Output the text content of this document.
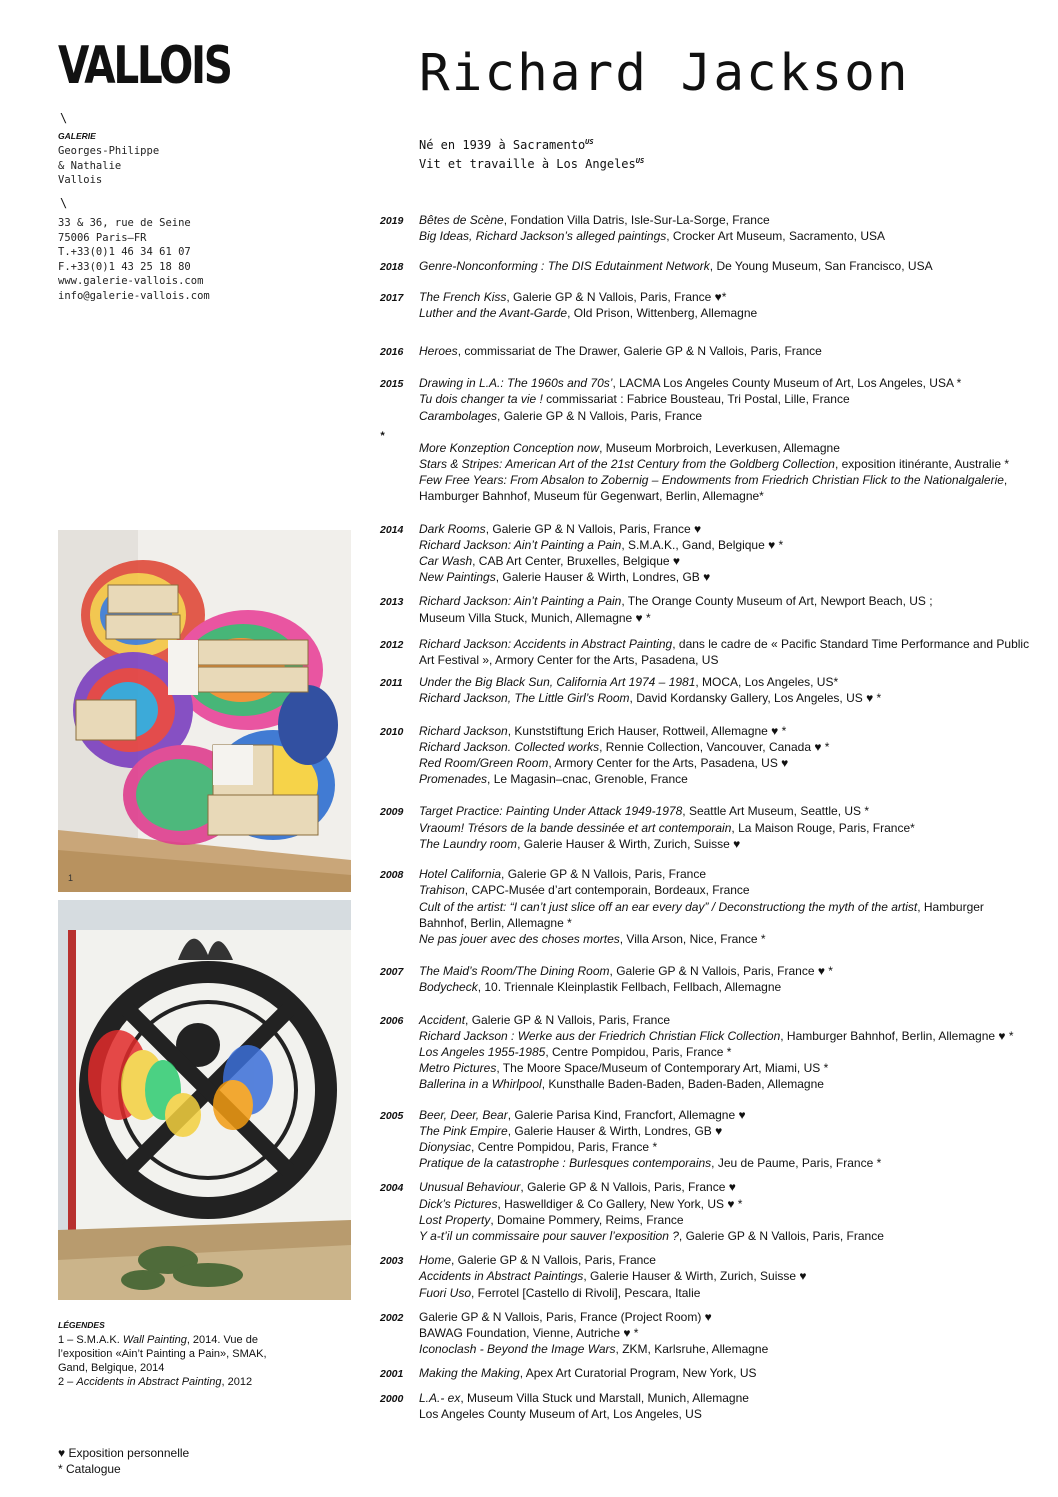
VALLOIS
\
GALERIE
Georges-Philippe
& Nathalie
Vallois
\
33 & 36, rue de Seine
75006 Paris—FR
T.+33(0)1 46 34 61 07
F.+33(0)1 43 25 18 80
www.galerie-vallois.com
info@galerie-vallois.com
1
LÉGENDES
1 – S.M.A.K. Wall Painting, 2014. Vue de l’exposition «Ain’t Painting a Pain», SMAK, Gand, Belgique, 2014
2 – Accidents in Abstract Painting, 2012
♥ Exposition personnelle
* Catalogue
Richard Jackson
Né en 1939 à Sacramento$^{US}$
Vit et travaille à Los Angeles$^{US}$
2019	Bêtes de Scène, Fondation Villa Datris, Isle-Sur-La-Sorge, France
Big Ideas, Richard Jackson’s alleged paintings, Crocker Art Museum, Sacramento, USA
2018	Genre-Nonconforming : The DIS Edutainment Network, De Young Museum, San Francisco, USA
2017	The French Kiss, Galerie GP & N Vallois, Paris, France ♥*
Luther and the Avant-Garde, Old Prison, Wittenberg, Allemagne
2016	Heroes, commissariat de The Drawer, Galerie GP & N Vallois, Paris, France
2015	Drawing in L.A.: The 1960s and 70s’, LACMA Los Angeles County Museum of Art, Los Angeles, USA *
Tu dois changer ta vie ! commissariat : Fabrice Bousteau, Tri Postal, Lille, France
Carambolages, Galerie GP & N Vallois, Paris, France
More Konzeption Conception now, Museum Morbroich, Leverkusen, Allemagne
*
Stars & Stripes: American Art of the 21st Century from the Goldberg Collection, exposition itinérante, Australie *
Few Free Years: From Absalon to Zobernig – Endowments from Friedrich Christian Flick to the Nationalgalerie, Hamburger Bahnhof, Museum für Gegenwart, Berlin, Allemagne*
2014	Dark Rooms, Galerie GP & N Vallois, Paris, France ♥
Richard Jackson: Ain’t Painting a Pain, S.M.A.K., Gand, Belgique ♥ *
Car Wash, CAB Art Center, Bruxelles, Belgique ♥
New Paintings, Galerie Hauser & Wirth, Londres, GB ♥
2013	Richard Jackson: Ain’t Painting a Pain, The Orange County Museum of Art, Newport Beach, US ;
Museum Villa Stuck, Munich, Allemagne ♥ *
2012	Richard Jackson: Accidents in Abstract Painting, dans le cadre de « Pacific Standard Time Performance and Public Art Festival », Armory Center for the Arts, Pasadena, US
2011	Under the Big Black Sun, California Art 1974 – 1981, MOCA, Los Angeles, US*
Richard Jackson, The Little Girl’s Room, David Kordansky Gallery, Los Angeles, US ♥ *
2010	Richard Jackson, Kunststiftung Erich Hauser, Rottweil, Allemagne ♥ *
Richard Jackson. Collected works, Rennie Collection, Vancouver, Canada ♥ *
Red Room/Green Room, Armory Center for the Arts, Pasadena, US ♥
Promenades, Le Magasin–cnac, Grenoble, France
2009	Target Practice: Painting Under Attack 1949-1978, Seattle Art Museum, Seattle, US *
Vraoum! Trésors de la bande dessinée et art contemporain, La Maison Rouge, Paris, France*
The Laundry room, Galerie Hauser & Wirth, Zurich, Suisse ♥
2008	Hotel California, Galerie GP & N Vallois, Paris, France
Trahison, CAPC-Musée d’art contemporain, Bordeaux, France
Cult of the artist: “I can’t just slice off an ear every day” / Deconstructiong the myth of the artist, Hamburger Bahnhof, Berlin, Allemagne *
Ne pas jouer avec des choses mortes, Villa Arson, Nice, France *
2007	The Maid’s Room/The Dining Room, Galerie GP & N Vallois, Paris, France ♥ *
Bodycheck, 10. Triennale Kleinplastik Fellbach, Fellbach, Allemagne
2006	Accident, Galerie GP & N Vallois, Paris, France
Richard Jackson : Werke aus der Friedrich Christian Flick Collection, Hamburger Bahnhof, Berlin, Allemagne ♥ *
Los Angeles 1955-1985, Centre Pompidou, Paris, France *
Metro Pictures, The Moore Space/Museum of Contemporary Art, Miami, US *
Ballerina in a Whirlpool, Kunsthalle Baden-Baden, Baden-Baden, Allemagne
2005	Beer, Deer, Bear, Galerie Parisa Kind, Francfort, Allemagne ♥
The Pink Empire, Galerie Hauser & Wirth, Londres, GB ♥
Dionysiac, Centre Pompidou, Paris, France *
Pratique de la catastrophe : Burlesques contemporains, Jeu de Paume, Paris, France *
2004	Unusual Behaviour, Galerie GP & N Vallois, Paris, France ♥
Dick’s Pictures, Haswelldiger & Co Gallery, New York, US ♥ *
Lost Property, Domaine Pommery, Reims, France
Y a-t’il un commissaire pour sauver l’exposition ?, Galerie GP & N Vallois, Paris, France
2003	Home, Galerie GP & N Vallois, Paris, France
Accidents in Abstract Paintings, Galerie Hauser & Wirth, Zurich, Suisse ♥
Fuori Uso, Ferrotel [Castello di Rivoli], Pescara, Italie
2002	Galerie GP & N Vallois, Paris, France (Project Room) ♥
BAWAG Foundation, Vienne, Autriche ♥ *
Iconoclash - Beyond the Image Wars, ZKM, Karlsruhe, Allemagne
2001	Making the Making, Apex Art Curatorial Program, New York, US
2000	L.A.- ex, Museum Villa Stuck und Marstall, Munich, Allemagne
Los Angeles County Museum of Art, Los Angeles, US
